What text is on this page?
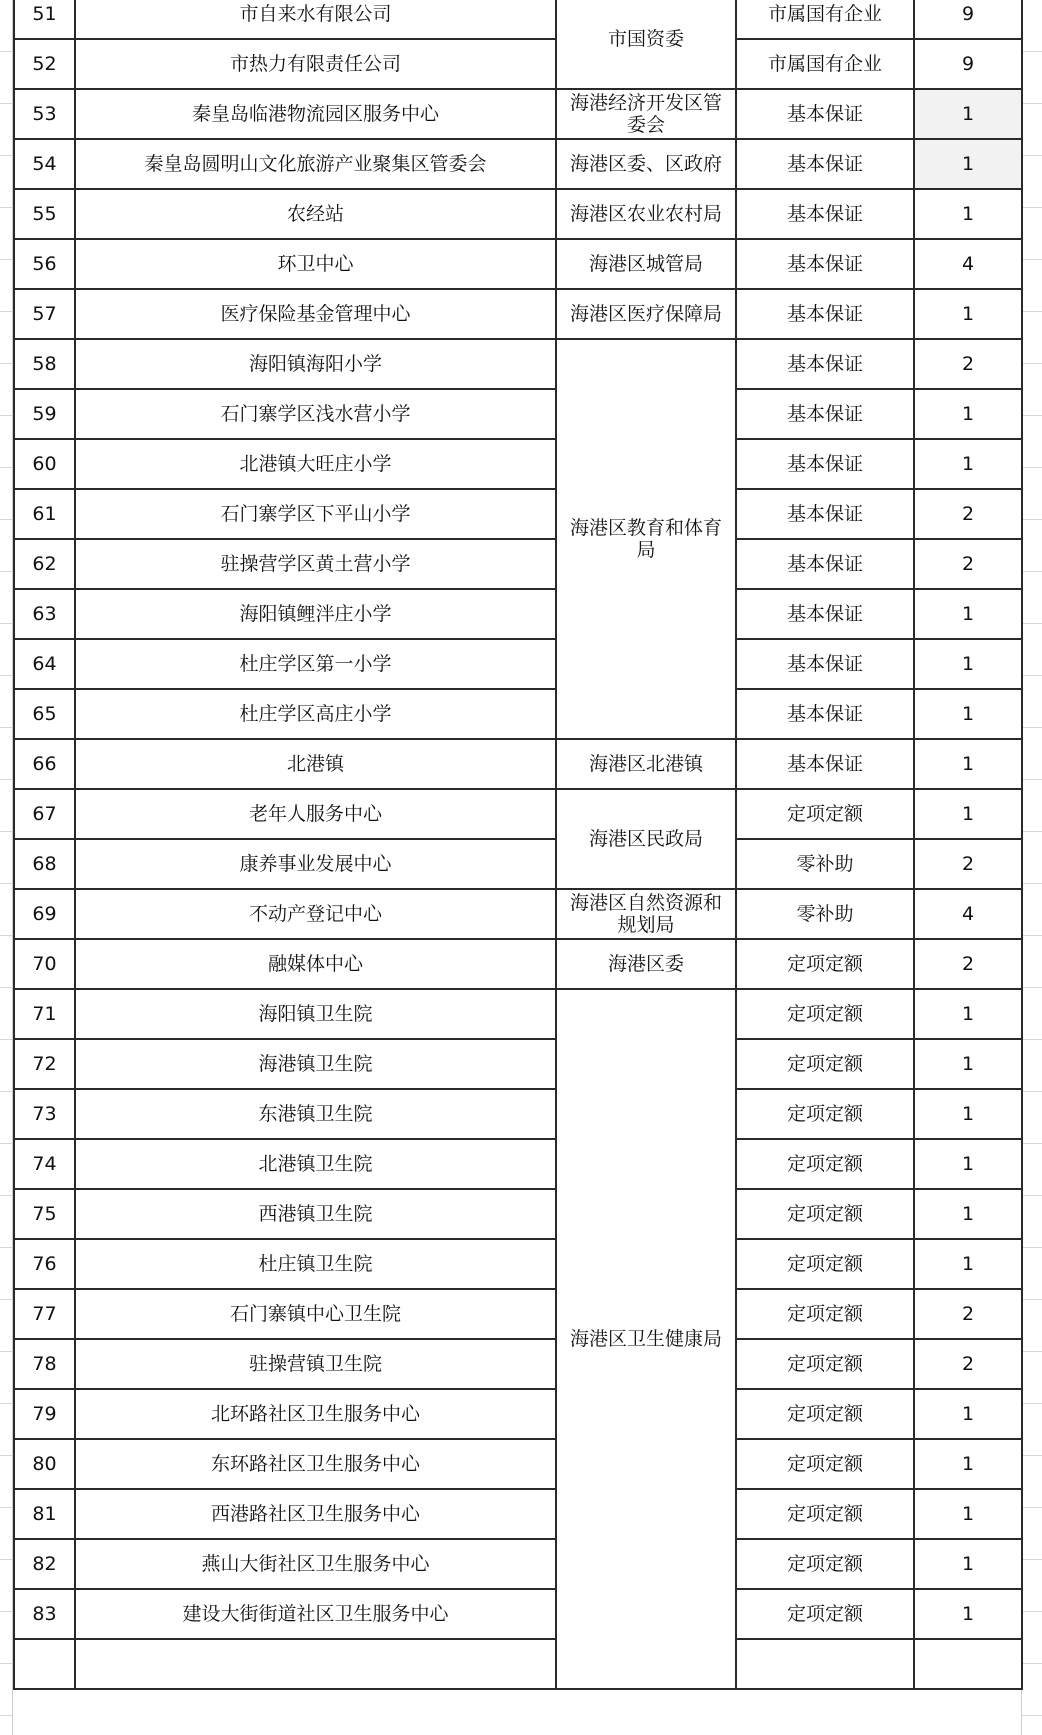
51	市自来水有限公司	市国资委	市属国有企业	9	
52	市热力有限责任公司		市属国有企业	9	
53	秦皇岛临港物流园区服务中心	海港经济开发区管委会	基本保证	1	
54	秦皇岛圆明山文化旅游产业聚集区管委会	海港区委、区政府	基本保证	1	
55	农经站	海港区农业农村局	基本保证	1	
56	环卫中心	海港区城管局	基本保证	4	
57	医疗保险基金管理中心	海港区医疗保障局	基本保证	1	
58	海阳镇海阳小学	海港区教育和体育局	基本保证	2	
59	石门寨学区浅水营小学		基本保证	1	
60	北港镇大旺庄小学		基本保证	1	
61	石门寨学区下平山小学		基本保证	2	
62	驻操营学区黄土营小学		基本保证	2	
63	海阳镇鲤泮庄小学		基本保证	1	
64	杜庄学区第一小学		基本保证	1	
65	杜庄学区高庄小学		基本保证	1	
66	北港镇	海港区北港镇	基本保证	1	
67	老年人服务中心	海港区民政局	定项定额	1	
68	康养事业发展中心		零补助	2	
69	不动产登记中心	海港区自然资源和规划局	零补助	4	
70	融媒体中心	海港区委	定项定额	2	
71	海阳镇卫生院	海港区卫生健康局	定项定额	1	
72	海港镇卫生院		定项定额	1	
73	东港镇卫生院		定项定额	1	
74	北港镇卫生院		定项定额	1	
75	西港镇卫生院		定项定额	1	
76	杜庄镇卫生院		定项定额	1	
77	石门寨镇中心卫生院		定项定额	2	
78	驻操营镇卫生院		定项定额	2	
79	北环路社区卫生服务中心		定项定额	1	
80	东环路社区卫生服务中心		定项定额	1	
81	西港路社区卫生服务中心		定项定额	1	
82	燕山大街社区卫生服务中心		定项定额	1	
83	建设大街街道社区卫生服务中心		定项定额	1	
